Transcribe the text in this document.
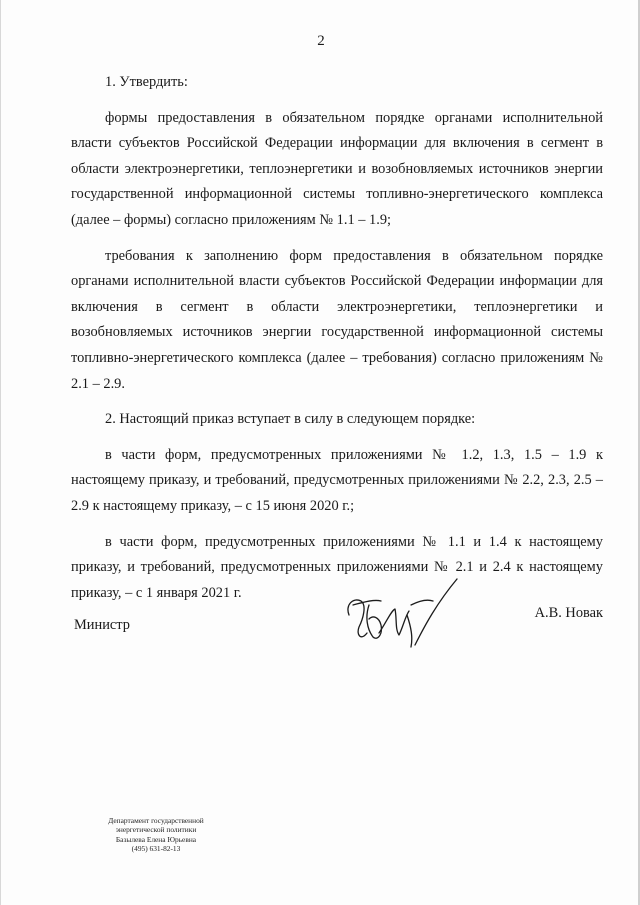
2

1. Утвердить:

формы предоставления в обязательном порядке органами исполнительной власти субъектов Российской Федерации информации для включения в сегмент в области электроэнергетики, теплоэнергетики и возобновляемых источников энергии государственной информационной системы топливно-энергетического комплекса (далее – формы) согласно приложениям № 1.1 – 1.9;

требования к заполнению форм предоставления в обязательном порядке органами исполнительной власти субъектов Российской Федерации информации для включения в сегмент в области электроэнергетики, теплоэнергетики и возобновляемых источников энергии государственной информационной системы топливно-энергетического комплекса (далее – требования) согласно приложениям № 2.1 – 2.9.

2. Настоящий приказ вступает в силу в следующем порядке:

в части форм, предусмотренных приложениями № 1.2, 1.3, 1.5 – 1.9 к настоящему приказу, и требований, предусмотренных приложениями № 2.2, 2.3, 2.5 – 2.9 к настоящему приказу, – с 15 июня 2020 г.;

в части форм, предусмотренных приложениями № 1.1 и 1.4 к настоящему приказу, и требований, предусмотренных приложениями № 2.1 и 2.4 к настоящему приказу, – с 1 января 2021 г.

Министр
А.В. Новак
Департамент государственной
энергетической политики
Базылева Елена Юрьевна
(495) 631-82-13
